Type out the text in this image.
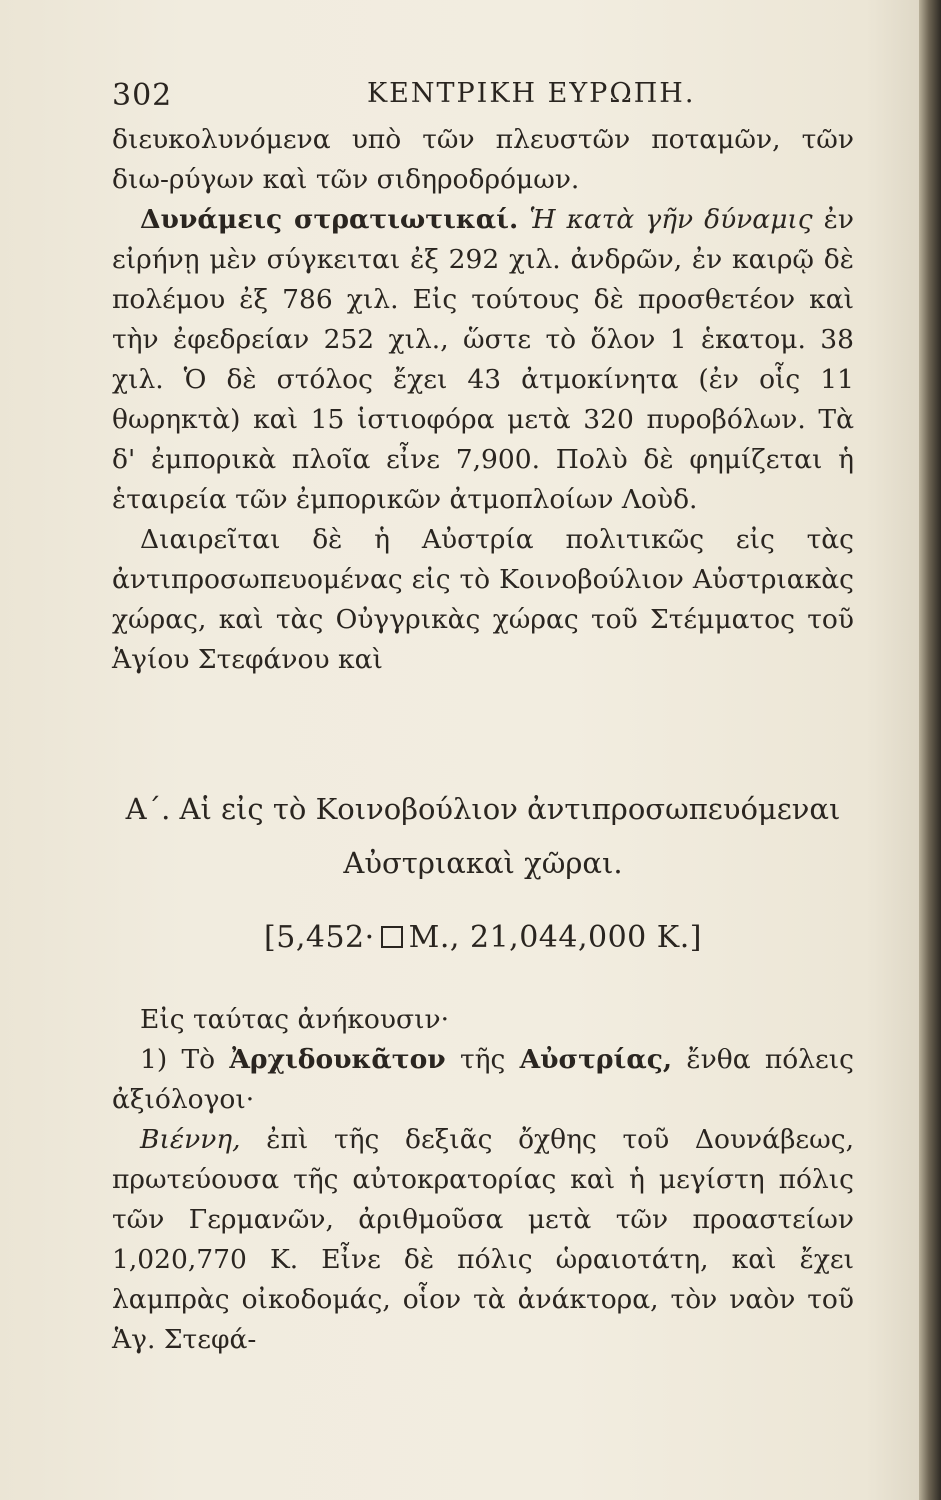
302	ΚΕΝΤΡΙΚΗ ΕΥΡΩΠΗ.

διευκολυνόμενα υπὸ τῶν πλευστῶν ποταμῶν, τῶν διω-ρύγων καὶ τῶν σιδηροδρόμων.

Δυνάμεις στρατιωτικαί. Ἡ κατὰ γῆν δύναμις ἐν εἰρήνῃ μὲν σύγκειται ἐξ 292 χιλ. ἀνδρῶν, ἐν καιρῷ δὲ πολέμου ἐξ 786 χιλ. Εἰς τούτους δὲ προσθετέον καὶ τὴν ἐφεδρείαν 252 χιλ., ὥστε τὸ ὅλον 1 ἑκατομ. 38 χιλ. Ὁ δὲ στόλος ἔχει 43 ἀτμοκίνητα (ἐν οἷς 11 θωρηκτὰ) καὶ 15 ἱστιοφόρα μετὰ 320 πυροβόλων. Τὰ δ' ἐμπορικὰ πλοῖα εἶνε 7,900. Πολὺ δὲ φημίζεται ἡ ἑταιρεία τῶν ἐμπορικῶν ἀτμοπλοίων Λοὺδ.

Διαιρεῖται δὲ ἡ Αὐστρία πολιτικῶς εἰς τὰς ἀντιπροσωπευομένας εἰς τὸ Κοινοβούλιον Αὐστριακὰς χώρας, καὶ τὰς Οὐγγρικὰς χώρας τοῦ Στέμματος τοῦ Ἁγίου Στεφάνου καὶ

Α΄. Αἱ εἰς τὸ Κοινοβούλιον ἀντιπροσωπευόμεναι
Αὐστριακαὶ χῶραι.
[5,452· Μ., 21,044,000 Κ.]

Εἰς ταύτας ἀνήκουσιν·

1) Τὸ Ἀρχιδουκᾶτον τῆς Αὐστρίας, ἔνθα πόλεις ἀξιόλογοι·

Βιέννη, ἐπὶ τῆς δεξιᾶς ὄχθης τοῦ Δουνάβεως, πρωτεύουσα τῆς αὐτοκρατορίας καὶ ἡ μεγίστη πόλις τῶν Γερμανῶν, ἀριθμοῦσα μετὰ τῶν προαστείων 1,020,770 Κ. Εἶνε δὲ πόλις ὡραιοτάτη, καὶ ἔχει λαμπρὰς οἰκοδομάς, οἷον τὰ ἀνάκτορα, τὸν ναὸν τοῦ Ἁγ. Στεφά-
